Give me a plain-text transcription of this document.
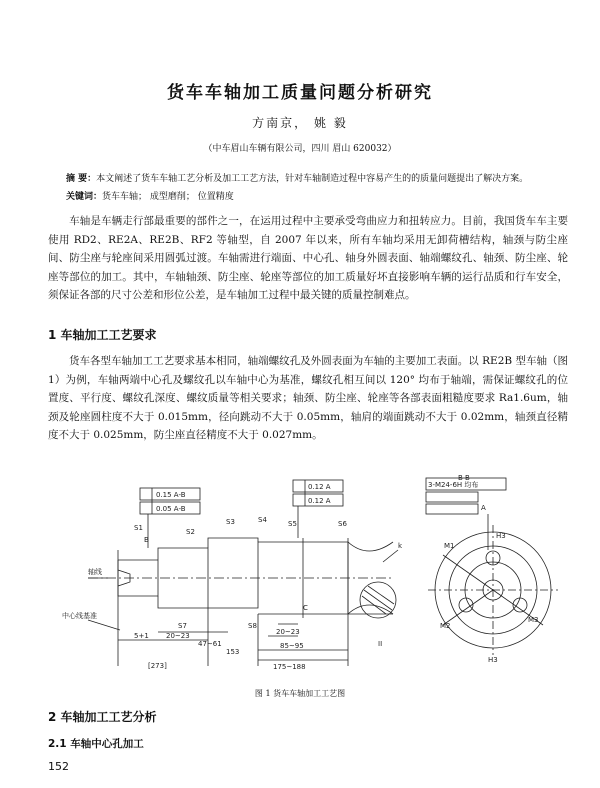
货车车轴加工质量问题分析研究
方南京， 姚 毅
（中车眉山车辆有限公司，四川 眉山 620032）
摘 要：本文阐述了货车车轴工艺分析及加工工艺方法，针对车轴制造过程中容易产生的的质量问题提出了解决方案。
关键词：货车车轴； 成型磨削； 位置精度
车轴是车辆走行部最重要的部件之一，在运用过程中主要承受弯曲应力和扭转应力。目前，我国货车车主要使用 RD2、RE2A、RE2B、RF2 等轴型，自 2007 年以来，所有车轴均采用无卸荷槽结构，轴颈与防尘座间、防尘座与轮座间采用圆弧过渡。车轴需进行端面、中心孔、轴身外圆表面、轴端螺纹孔、轴颈、防尘座、轮座等部位的加工。其中，车轴轴颈、防尘座、轮座等部位的加工质量好坏直接影响车辆的运行品质和行车安全，须保证各部的尺寸公差和形位公差，是车轴加工过程中最关键的质量控制难点。
1 车轴加工工艺要求
货车各型车轴加工工艺要求基本相同，轴端螺纹孔及外圆表面为车轴的主要加工表面。以 RE2B 型车轴（图 1）为例，车轴两端中心孔及螺纹孔以车轴中心为基准，螺纹孔相互间以 120° 均布于轴端，需保证螺纹孔的位置度、平行度、螺纹孔深度、螺纹质量等相关要求；轴颈、防尘座、轮座等各部表面粗糙度要求 Ra1.6um，轴颈及轮座圆柱度不大于 0.015mm，径向跳动不大于 0.05mm，轴肩的端面跳动不大于 0.02mm，轴颈直径精度不大于 0.025mm，防尘座直径精度不大于 0.027mm。
S1	S2
S3	S4	S5	S6
S7	S8
B B
M1
M2
M3
H3
H3
A
B
C
II
k
[273]
153
175~188
85~95
20~23
20~23
5+1
47~61
0.15 A-B
0.05 A-B
0.12 A
0.12 A
3-M24-6H 均布
轴线
中心线基准
图 1 货车车轴加工工艺图
2 车轴加工工艺分析
2.1 车轴中心孔加工
152
